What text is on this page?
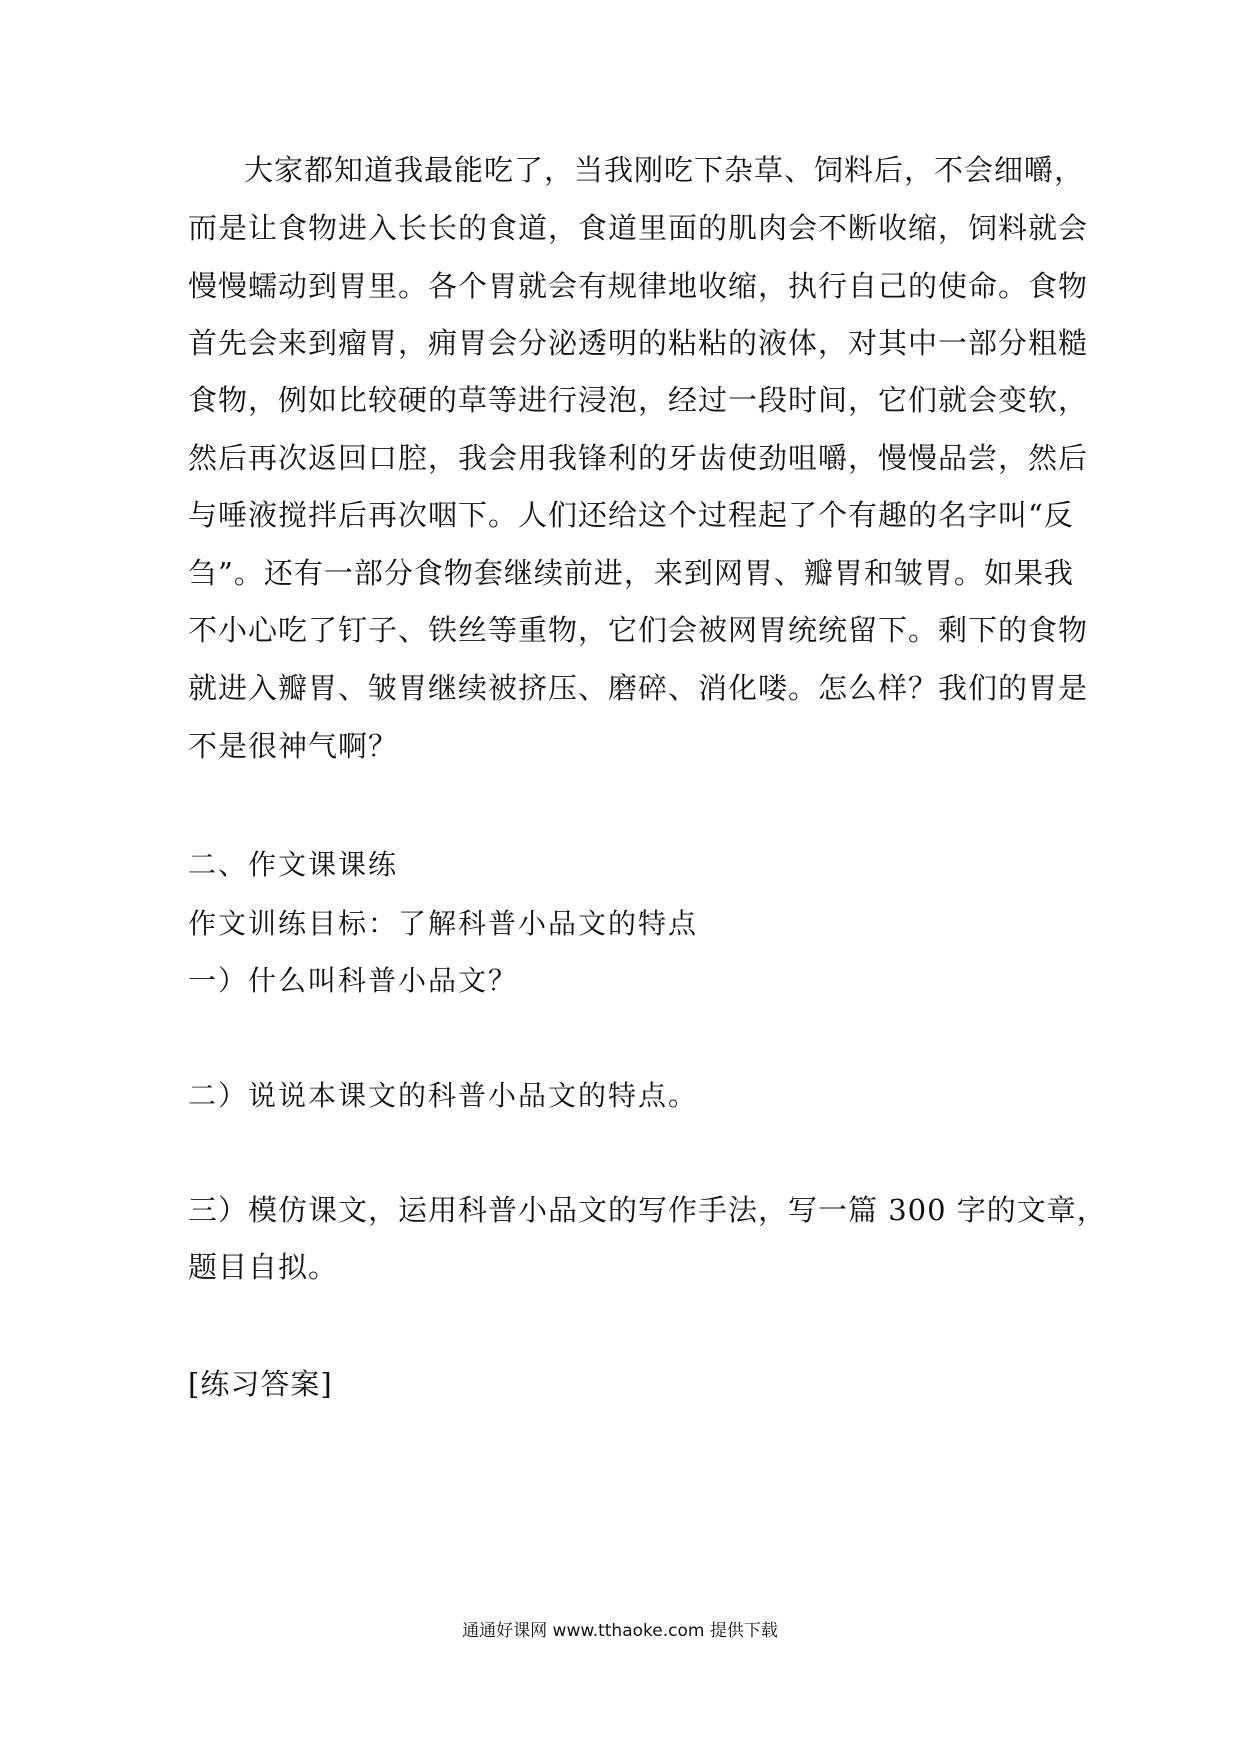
大家都知道我最能吃了，当我刚吃下杂草、饲料后，不会细嚼，
而是让食物进入长长的食道，食道里面的肌肉会不断收缩，饲料就会
慢慢蠕动到胃里。各个胃就会有规律地收缩，执行自己的使命。食物
首先会来到瘤胃，痈胃会分泌透明的粘粘的液体，对其中一部分粗糙
食物，例如比较硬的草等进行浸泡，经过一段时间，它们就会变软，
然后再次返回口腔，我会用我锋利的牙齿使劲咀嚼，慢慢品尝，然后
与唾液搅拌后再次咽下。人们还给这个过程起了个有趣的名字叫“反
刍”。还有一部分食物套继续前进，来到网胃、瓣胃和皱胃。如果我
不小心吃了钉子、铁丝等重物，它们会被网胃统统留下。剩下的食物
就进入瓣胃、皱胃继续被挤压、磨碎、消化喽。怎么样？我们的胃是
不是很神气啊？
二、作文课课练
作文训练目标：了解科普小品文的特点
一）什么叫科普小品文？
二）说说本课文的科普小品文的特点。
三）模仿课文，运用科普小品文的写作手法，写一篇 300 字的文章，
题目自拟。
[练习答案]
通通好课网 www.tthaoke.com 提供下载
